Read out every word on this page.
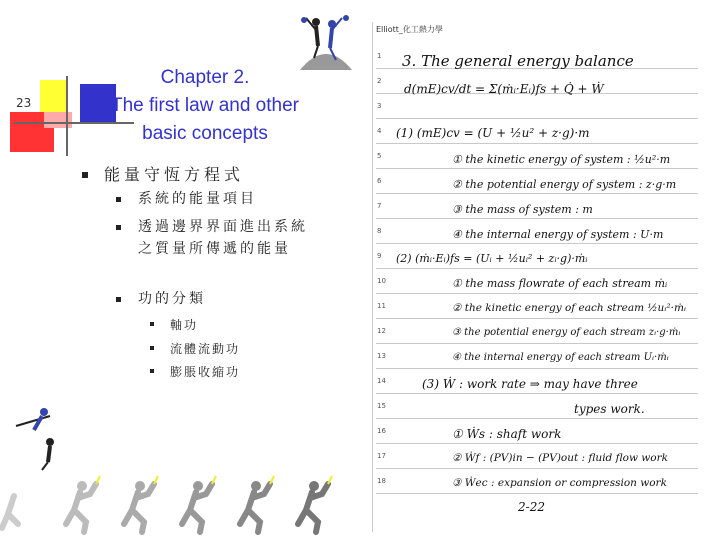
23
Chapter 2.
The first law and other
basic concepts
能量守恆方程式
系統的能量項目
透過邊界界面進出系統
之質量所傳遞的能量
功的分類
軸功
流體流動功
膨脹收縮功
Elliott_化工熱力學
1
2
3
4
5
6
7
8
9
10
11
12
13
14
15
16
17
18
3. The general energy balance
d(mE)cv/dt = Σ(ṁᵢ·Eᵢ)fs + Q̇ + Ẇ
(1) (mE)cv = (U + ½u² + z·g)·m
① the kinetic energy of system : ½u²·m
② the potential energy of system : z·g·m
③ the mass of system : m
④ the internal energy of system : U·m
(2) (ṁᵢ·Eᵢ)fs = (Uᵢ + ½uᵢ² + zᵢ·g)·ṁᵢ
① the mass flowrate of each stream ṁᵢ
② the kinetic energy of each stream ½uᵢ²·ṁᵢ
③ the potential energy of each stream zᵢ·g·ṁᵢ
④ the internal energy of each stream Uᵢ·ṁᵢ
(3) Ẇ : work rate ⇒ may have three
types work.
① Ẇs : shaft work
② Ẇf : (PV)in − (PV)out : fluid flow work
③ Ẇec : expansion or compression work
2-22
